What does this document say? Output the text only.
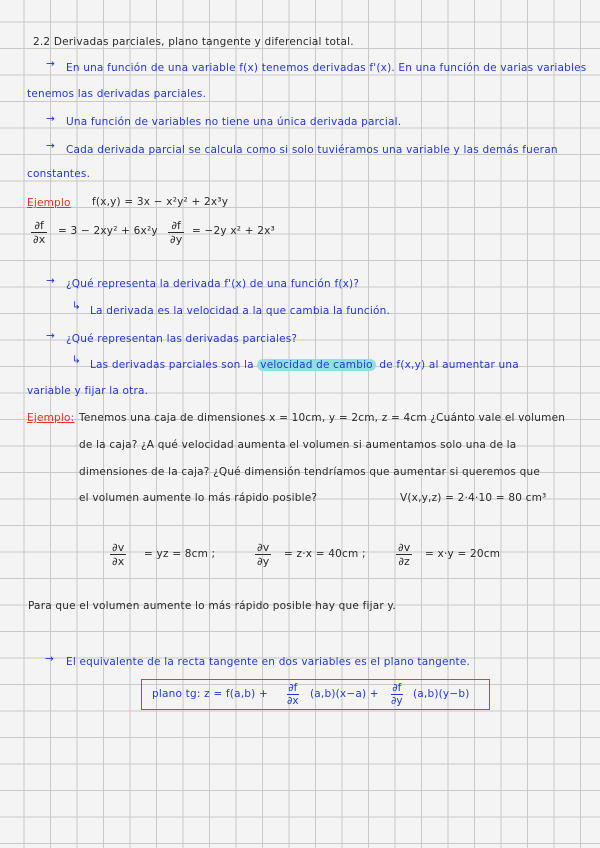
2.2 Derivadas parciales, plano tangente y diferencial total.
→ En una función de una variable f(x) tenemos derivadas f'(x). En una función de varias variables
tenemos las derivadas parciales.
→ Una función de variables no tiene una única derivada parcial.
→ Cada derivada parcial se calcula como si solo tuviéramos una variable y las demás fueran
constantes.
Ejemplo f(x,y) = 3x − x²y² + 2x³y
$\frac{\partial f}{\partial x} = 3 - 2xy^2 + 6x^2y \frac{\partial f}{\partial y} = -2y$ x² + 2x³
→ ¿Qué representa la derivada f'(x) de una función f(x)?
↳ La derivada es la velocidad a la que cambia la función.
→ ¿Qué representan las derivadas parciales?
↳ Las derivadas parciales son la velocidad de cambio de f(x,y) al aumentar una
variable y fijar la otra.
Ejemplo: Tenemos una caja de dimensiones x = 10cm, y = 2cm, z = 4cm ¿Cuánto vale el volumen
de la caja? ¿A qué velocidad aumenta el volumen si aumentamos solo una de la
dimensiones de la caja? ¿Qué dimensión tendríamos que aumentar si queremos que
el volumen aumente lo más rápido posible?	V(x,y,z) = 2·4·10 = 80 cm³
$\frac{\partial v}{\partial x}$ = yz = 8cm ;	$\frac{\partial v}{\partial y} = z\cdot x = 40cm$ ;	$\frac{\partial v}{\partial z} = x\cdot y = 20cm$
Para que el volumen aumente lo más rápido posible hay que fijar y.
→ El equivalente de la recta tangente en dos variables es el plano tangente.
plano tg: $z = f(a,b) + \frac{\partial f}{\partial x} (a,b)(x-a) + \frac{\partial f}{\partial y} (a,b)(y-b)$
